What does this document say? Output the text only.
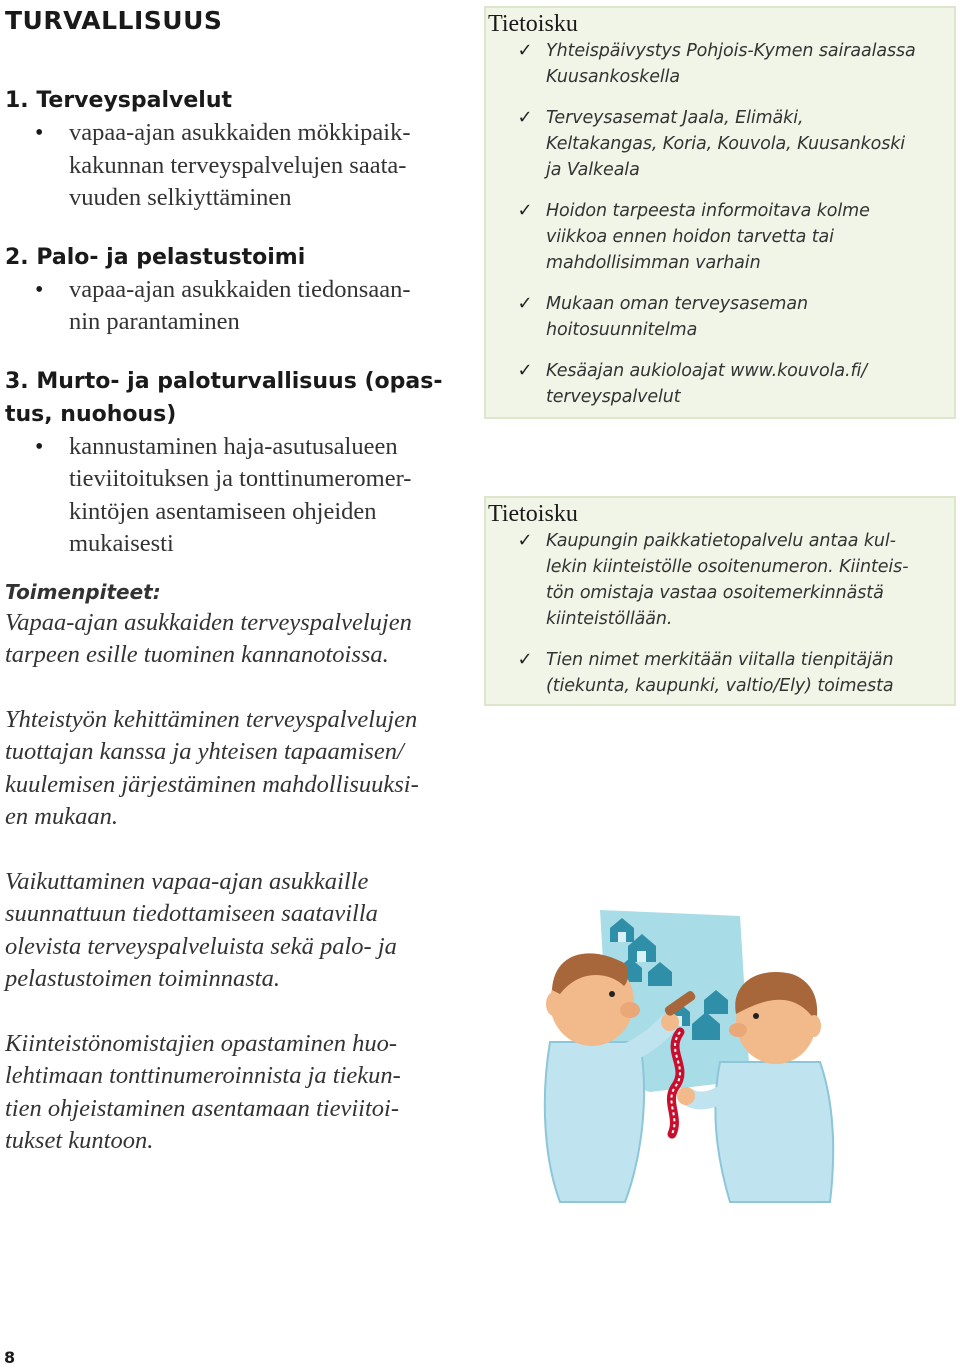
TURVALLISUUS

1. Terveyspalvelut

•	vapaa-ajan asukkaiden mökkipaik-
kakunnan terveyspalvelujen saata-
vuuden selkiyttäminen

2. Palo- ja pelastustoimi

•	vapaa-ajan asukkaiden tiedonsaan-
nin parantaminen

3. Murto- ja paloturvallisuus (opas-
tus, nuohous)

•	kannustaminen haja-asutusalueen
tieviitoituksen ja tonttinumeromer-
kintöjen asentamiseen ohjeiden
mukaisesti

Toimenpiteet:

Vapaa-ajan asukkaiden terveyspalvelujen
tarpeen esille tuominen kannanotoissa.
Yhteistyön kehittäminen terveyspalvelujen
tuottajan kanssa ja yhteisen tapaamisen/
kuulemisen järjestäminen mahdollisuuksi-
en mukaan.
Vaikuttaminen vapaa-ajan asukkaille
suunnattuun tiedottamiseen saatavilla
olevista terveyspalveluista sekä palo- ja
pelastustoimen toiminnasta.
Kiinteistönomistajien opastaminen huo-
lehtimaan tonttinumeroinnista ja tiekun-
tien ohjeistaminen asentamaan tieviitoi-
tukset kuntoon.

Tietoisku

✓ Yhteispäivystys Pohjois-Kymen sairaalassa
Kuusankoskella
✓ Terveysasemat Jaala, Elimäki,
Keltakangas, Koria, Kouvola, Kuusankoski
ja Valkeala
✓ Hoidon tarpeesta informoitava kolme
viikkoa ennen hoidon tarvetta tai
mahdollisimman varhain
✓ Mukaan oman terveysaseman
hoitosuunnitelma
✓ Kesäajan aukioloajat www.kouvola.fi/
terveyspalvelut

Tietoisku

✓ Kaupungin paikkatietopalvelu antaa kul-
lekin kiinteistölle osoitenumeron. Kiinteis-
tön omistaja vastaa osoitemerkinnästä
kiinteistöllään.
✓ Tien nimet merkitään viitalla tienpitäjän
(tiekunta, kaupunki, valtio/Ely) toimesta

8
